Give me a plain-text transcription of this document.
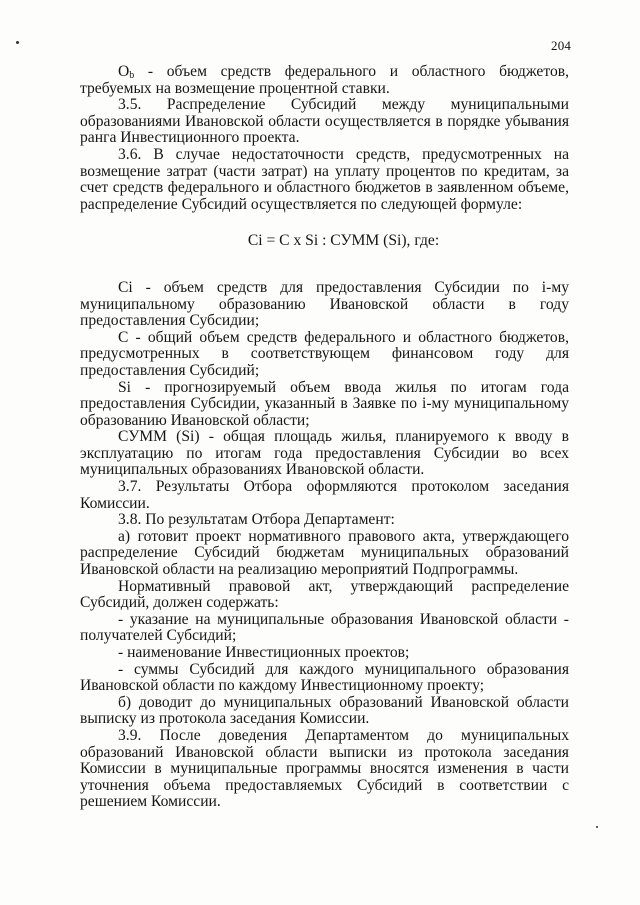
204

$O_b$ - объем средств федерального и областного бюджетов, требуемых на возмещение процентной ставки.

3.5. Распределение Субсидий между муниципальными образованиями Ивановской области осуществляется в порядке убывания ранга Инвестиционного проекта.

3.6. В случае недостаточности средств, предусмотренных на возмещение затрат (части затрат) на уплату процентов по кредитам, за счет средств федерального и областного бюджетов в заявленном объеме, распределение Субсидий осуществляется по следующей формуле:

Ci = C x Si : СУММ (Si), где:

Ci - объем средств для предоставления Субсидии по i-му муниципальному образованию Ивановской области в году предоставления Субсидии;

C - общий объем средств федерального и областного бюджетов, предусмотренных в соответствующем финансовом году для предоставления Субсидий;

Si - прогнозируемый объем ввода жилья по итогам года предоставления Субсидии, указанный в Заявке по i-му муниципальному образованию Ивановской области;

СУММ (Si) - общая площадь жилья, планируемого к вводу в эксплуатацию по итогам года предоставления Субсидии во всех муниципальных образованиях Ивановской области.

3.7. Результаты Отбора оформляются протоколом заседания Комиссии.

3.8. По результатам Отбора Департамент:

а) готовит проект нормативного правового акта, утверждающего распределение Субсидий бюджетам муниципальных образований Ивановской области на реализацию мероприятий Подпрограммы.

Нормативный правовой акт, утверждающий распределение Субсидий, должен содержать:

- указание на муниципальные образования Ивановской области - получателей Субсидий;

- наименование Инвестиционных проектов;

- суммы Субсидий для каждого муниципального образования Ивановской области по каждому Инвестиционному проекту;

б) доводит до муниципальных образований Ивановской области выписку из протокола заседания Комиссии.

3.9. После доведения Департаментом до муниципальных образований Ивановской области выписки из протокола заседания Комиссии в муниципальные программы вносятся изменения в части уточнения объема предоставляемых Субсидий в соответствии с решением Комиссии.
